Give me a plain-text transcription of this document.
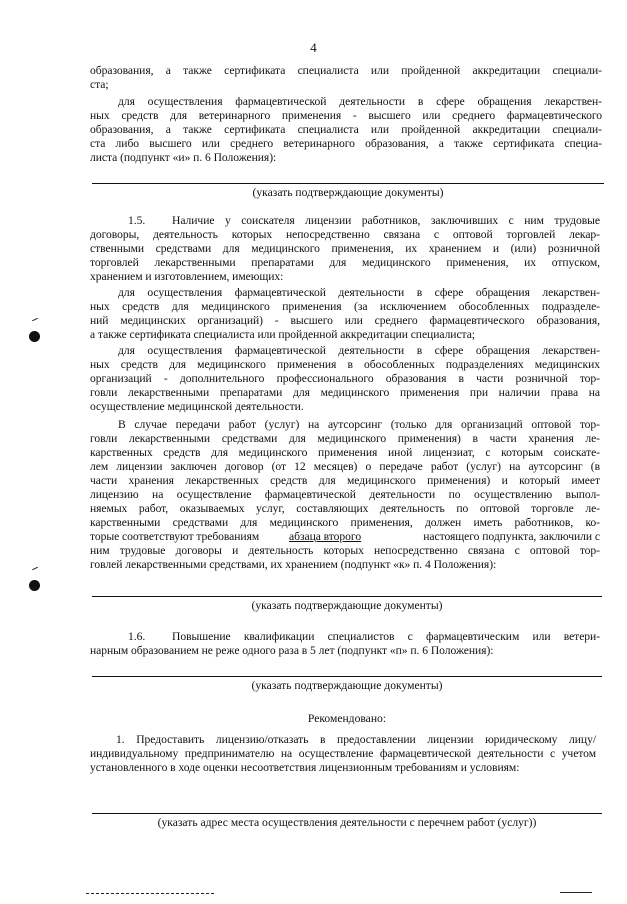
4
образования, а также сертификата специалиста или пройденной аккредитации специали-
ста;
для осуществления фармацевтической деятельности в сфере обращения лекарствен-
ных средств для ветеринарного применения - высшего или среднего фармацевтического
образования, а также сертификата специалиста или пройденной аккредитации специали-
ста либо высшего или среднего ветеринарного образования, а также сертификата специа-
листа (подпункт «и» п. 6 Положения):
(указать подтверждающие документы)
1.5. Наличие у соискателя лицензии работников, заключивших с ним трудовые
договоры, деятельность которых непосредственно связана с оптовой торговлей лекар-
ственными средствами для медицинского применения, их хранением и (или) розничной
торговлей лекарственными препаратами для медицинского применения, их отпуском,
хранением и изготовлением, имеющих:
для осуществления фармацевтической деятельности в сфере обращения лекарствен-
ных средств для медицинского применения (за исключением обособленных подразделе-
ний медицинских организаций) - высшего или среднего фармацевтического образования,
а также сертификата специалиста или пройденной аккредитации специалиста;
для осуществления фармацевтической деятельности в сфере обращения лекарствен-
ных средств для медицинского применения в обособленных подразделениях медицинских
организаций - дополнительного профессионального образования в части розничной тор-
говли лекарственными препаратами для медицинского применения при наличии права на
осуществление медицинской деятельности.
В случае передачи работ (услуг) на аутсорсинг (только для организаций оптовой тор-
говли лекарственными средствами для медицинского применения) в части хранения ле-
карственных средств для медицинского применения иной лицензиат, с которым соискате-
лем лицензии заключен договор (от 12 месяцев) о передаче работ (услуг) на аутсорсинг (в
части хранения лекарственных средств для медицинского применения) и который имеет
лицензию на осуществление фармацевтической деятельности по осуществлению выпол-
няемых работ, оказываемых услуг, составляющих деятельность по оптовой торговле ле-
карственными средствами для медицинского применения, должен иметь работников, ко-
торые соответствуют требованиям	абзаца второго	настоящего подпункта, заключили с
ним трудовые договоры и деятельность которых непосредственно связана с оптовой тор-
говлей лекарственными средствами, их хранением (подпункт «к» п. 4 Положения):
(указать подтверждающие документы)
1.6. Повышение квалификации специалистов с фармацевтическим или ветери-
нарным образованием не реже одного раза в 5 лет (подпункт «п» п. 6 Положения):
(указать подтверждающие документы)
Рекомендовано:
1. Предоставить лицензию/отказать в предоставлении лицензии юридическому лицу/индивидуальному предпринимателю на осуществление фармацевтической деятельности с учетом установленного в ходе оценки несоответствия лицензионным требованиям и условиям:
(указать адрес места осуществления деятельности с перечнем работ (услуг))
